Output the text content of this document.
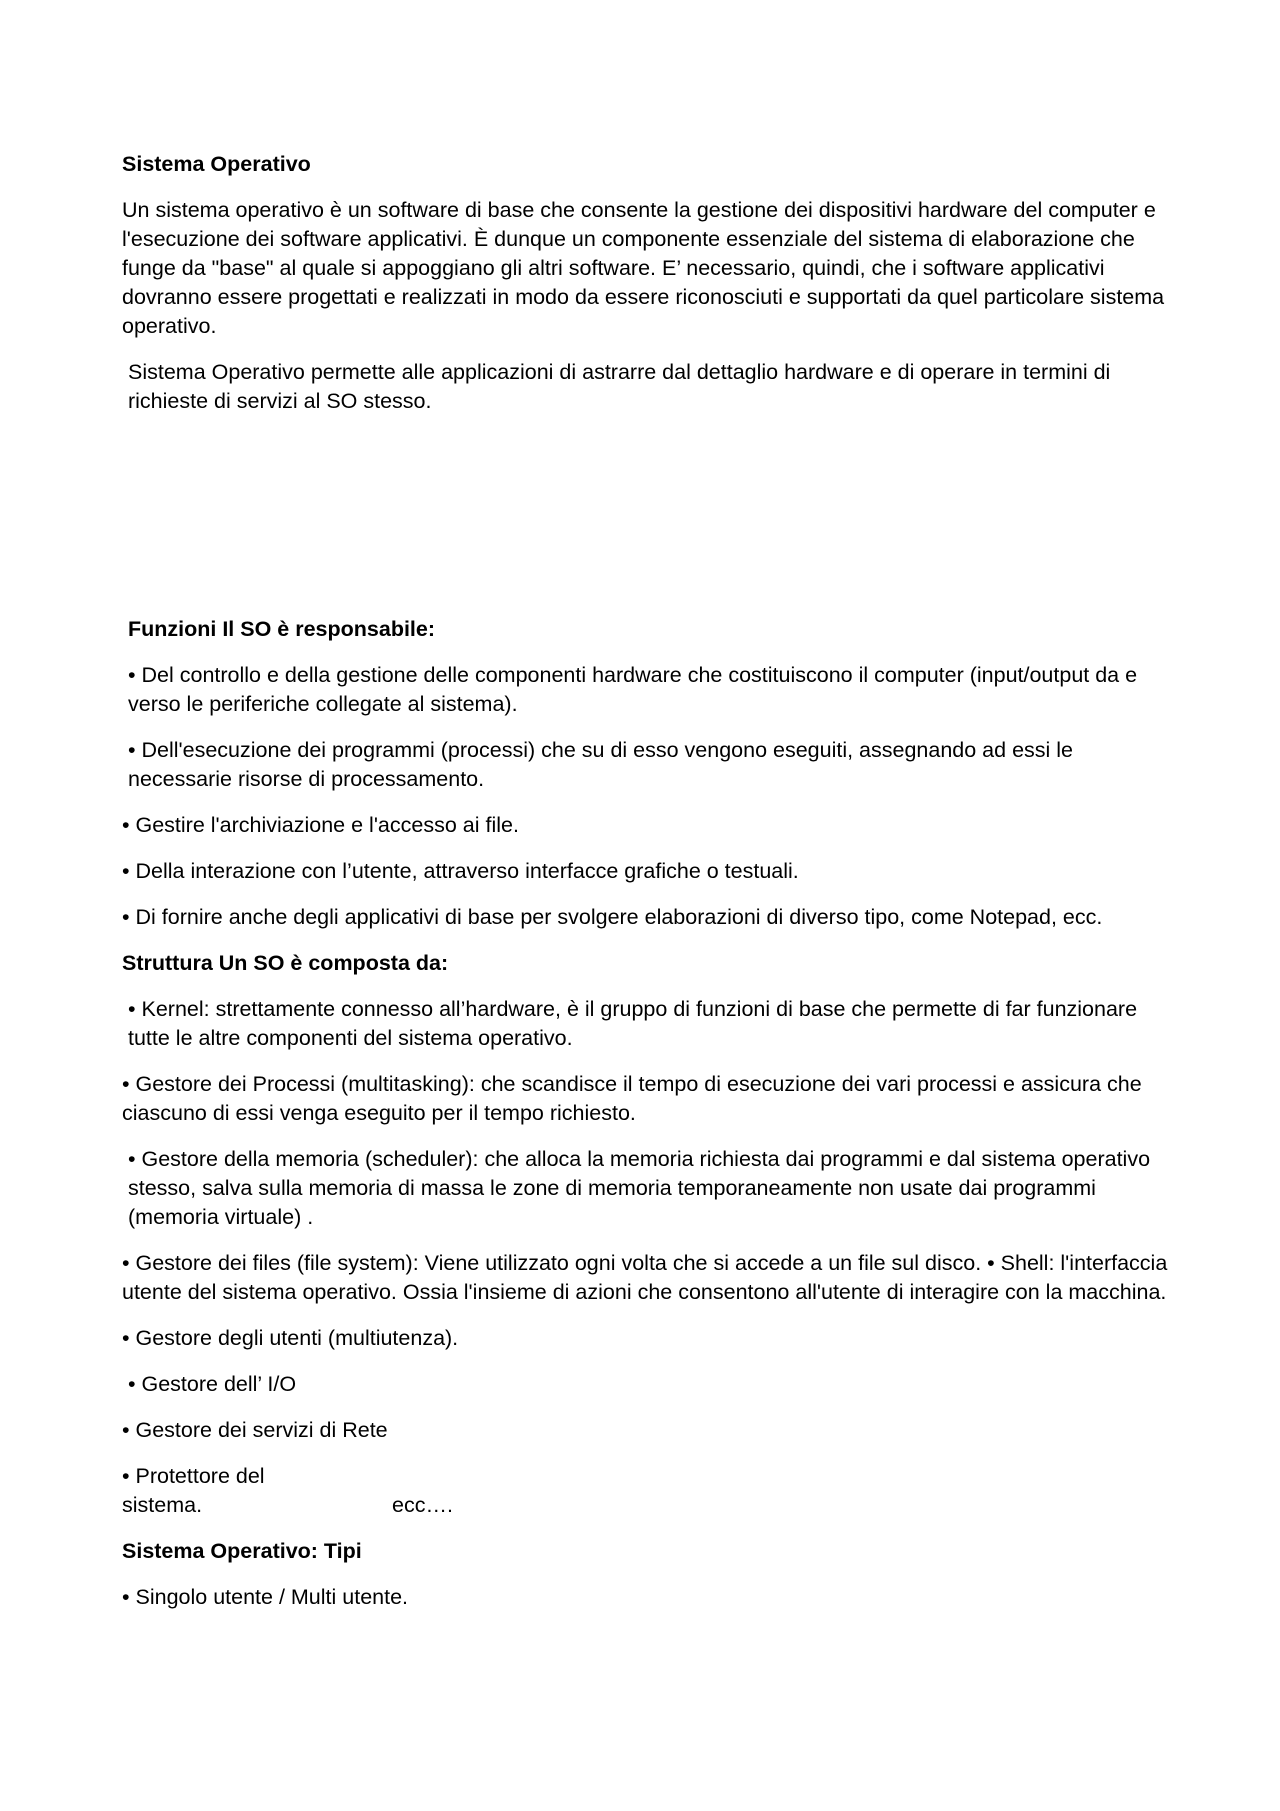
Sistema Operativo

Un sistema operativo è un software di base che consente la gestione dei dispositivi hardware del computer e l'esecuzione dei software applicativi. È dunque un componente essenziale del sistema di elaborazione che funge da "base" al quale si appoggiano gli altri software. E’ necessario, quindi, che i software applicativi dovranno essere progettati e realizzati in modo da essere riconosciuti e supportati da quel particolare sistema operativo.

Sistema Operativo permette alle applicazioni di astrarre dal dettaglio hardware e di operare in termini di richieste di servizi al SO stesso.

Funzioni Il SO è responsabile:

• Del controllo e della gestione delle componenti hardware che costituiscono il computer (input/output da e verso le periferiche collegate al sistema).

• Dell'esecuzione dei programmi (processi) che su di esso vengono eseguiti, assegnando ad essi le necessarie risorse di processamento.

• Gestire l'archiviazione e l'accesso ai file.

• Della interazione con l’utente, attraverso interfacce grafiche o testuali.

• Di fornire anche degli applicativi di base per svolgere elaborazioni di diverso tipo, come Notepad, ecc.

Struttura Un SO è composta da:

• Kernel: strettamente connesso all’hardware, è il gruppo di funzioni di base che permette di far funzionare tutte le altre componenti del sistema operativo.

• Gestore dei Processi (multitasking): che scandisce il tempo di esecuzione dei vari processi e assicura che ciascuno di essi venga eseguito per il tempo richiesto.

• Gestore della memoria (scheduler): che alloca la memoria richiesta dai programmi e dal sistema operativo stesso, salva sulla memoria di massa le zone di memoria temporaneamente non usate dai programmi (memoria virtuale) .

• Gestore dei files (file system): Viene utilizzato ogni volta che si accede a un file sul disco. • Shell: l'interfaccia utente del sistema operativo. Ossia l'insieme di azioni che consentono all'utente di interagire con la macchina.

• Gestore degli utenti (multiutenza).

• Gestore dell’ I/O

• Gestore dei servizi di Rete

• Protettore del sistema.	ecc….

Sistema Operativo: Tipi

• Singolo utente / Multi utente.
